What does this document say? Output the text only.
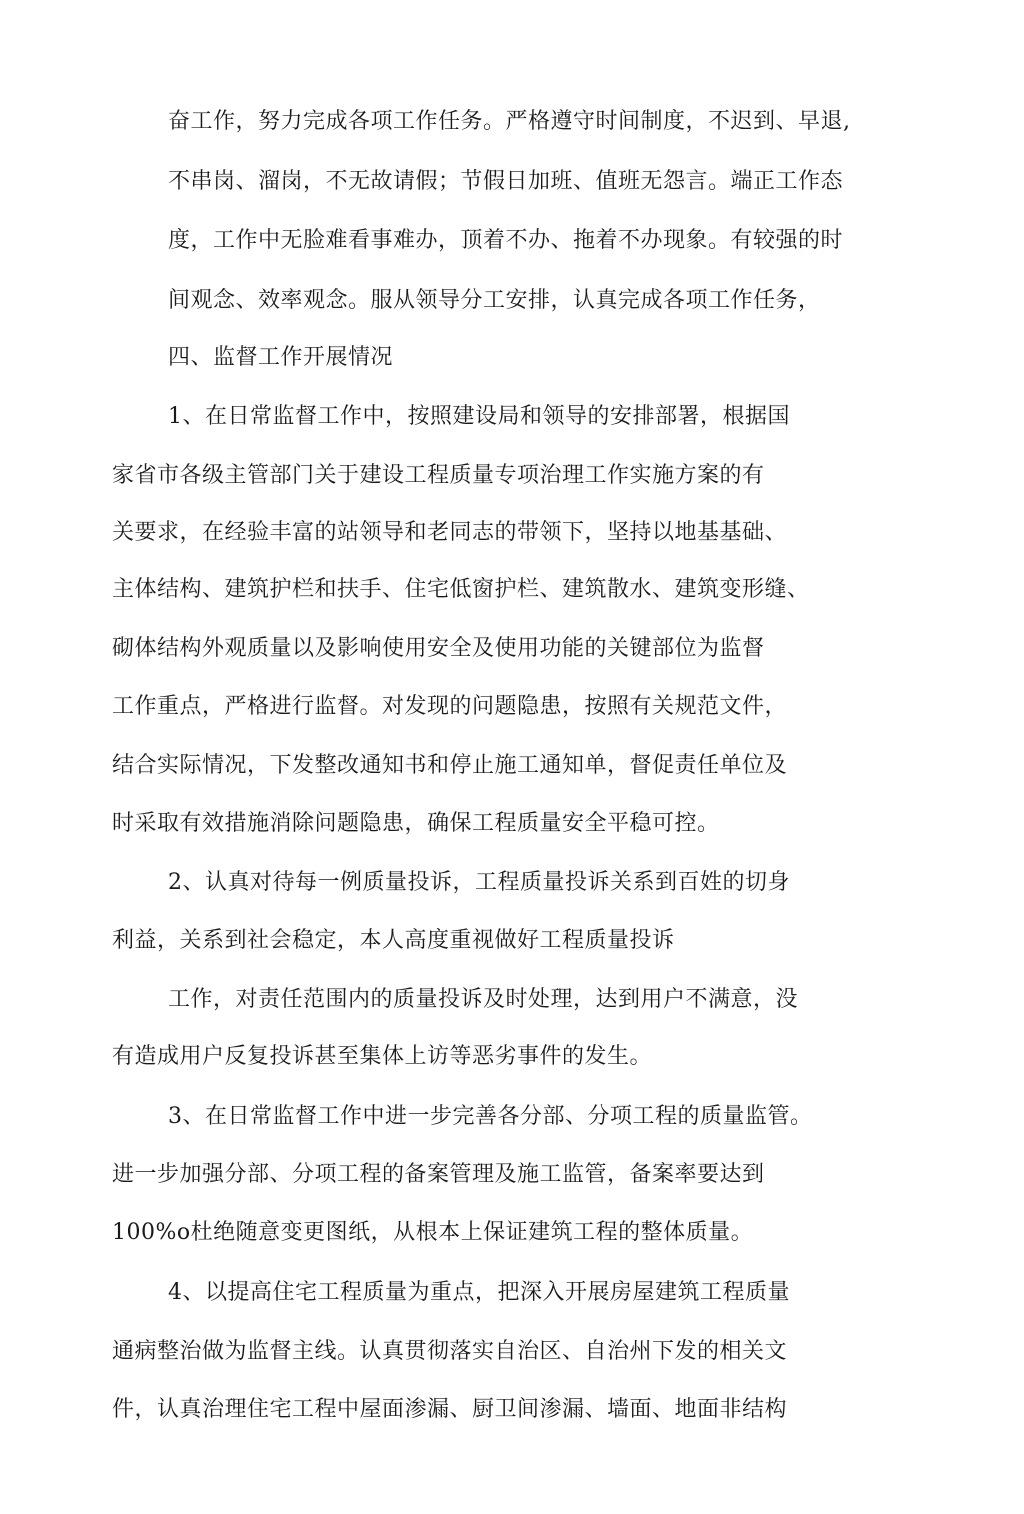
奋工作，努力完成各项工作任务。严格遵守时间制度，不迟到、早退,
不串岗、溜岗，不无故请假；节假日加班、值班无怨言。端正工作态
度，工作中无脸难看事难办，顶着不办、拖着不办现象。有较强的时
间观念、效率观念。服从领导分工安排，认真完成各项工作任务，
四、监督工作开展情况
1、在日常监督工作中，按照建设局和领导的安排部署，根据国
家省市各级主管部门关于建设工程质量专项治理工作实施方案的有
关要求，在经验丰富的站领导和老同志的带领下，坚持以地基基础、
主体结构、建筑护栏和扶手、住宅低窗护栏、建筑散水、建筑变形缝、
砌体结构外观质量以及影响使用安全及使用功能的关键部位为监督
工作重点，严格进行监督。对发现的问题隐患，按照有关规范文件，
结合实际情况，下发整改通知书和停止施工通知单，督促责任单位及
时采取有效措施消除问题隐患，确保工程质量安全平稳可控。
2、认真对待每一例质量投诉，工程质量投诉关系到百姓的切身
利益，关系到社会稳定，本人高度重视做好工程质量投诉
工作，对责任范围内的质量投诉及时处理，达到用户不满意，没
有造成用户反复投诉甚至集体上访等恶劣事件的发生。
3、在日常监督工作中进一步完善各分部、分项工程的质量监管。
进一步加强分部、分项工程的备案管理及施工监管，备案率要达到
100%o杜绝随意变更图纸，从根本上保证建筑工程的整体质量。
4、以提高住宅工程质量为重点，把深入开展房屋建筑工程质量
通病整治做为监督主线。认真贯彻落实自治区、自治州下发的相关文
件，认真治理住宅工程中屋面渗漏、厨卫间渗漏、墙面、地面非结构
